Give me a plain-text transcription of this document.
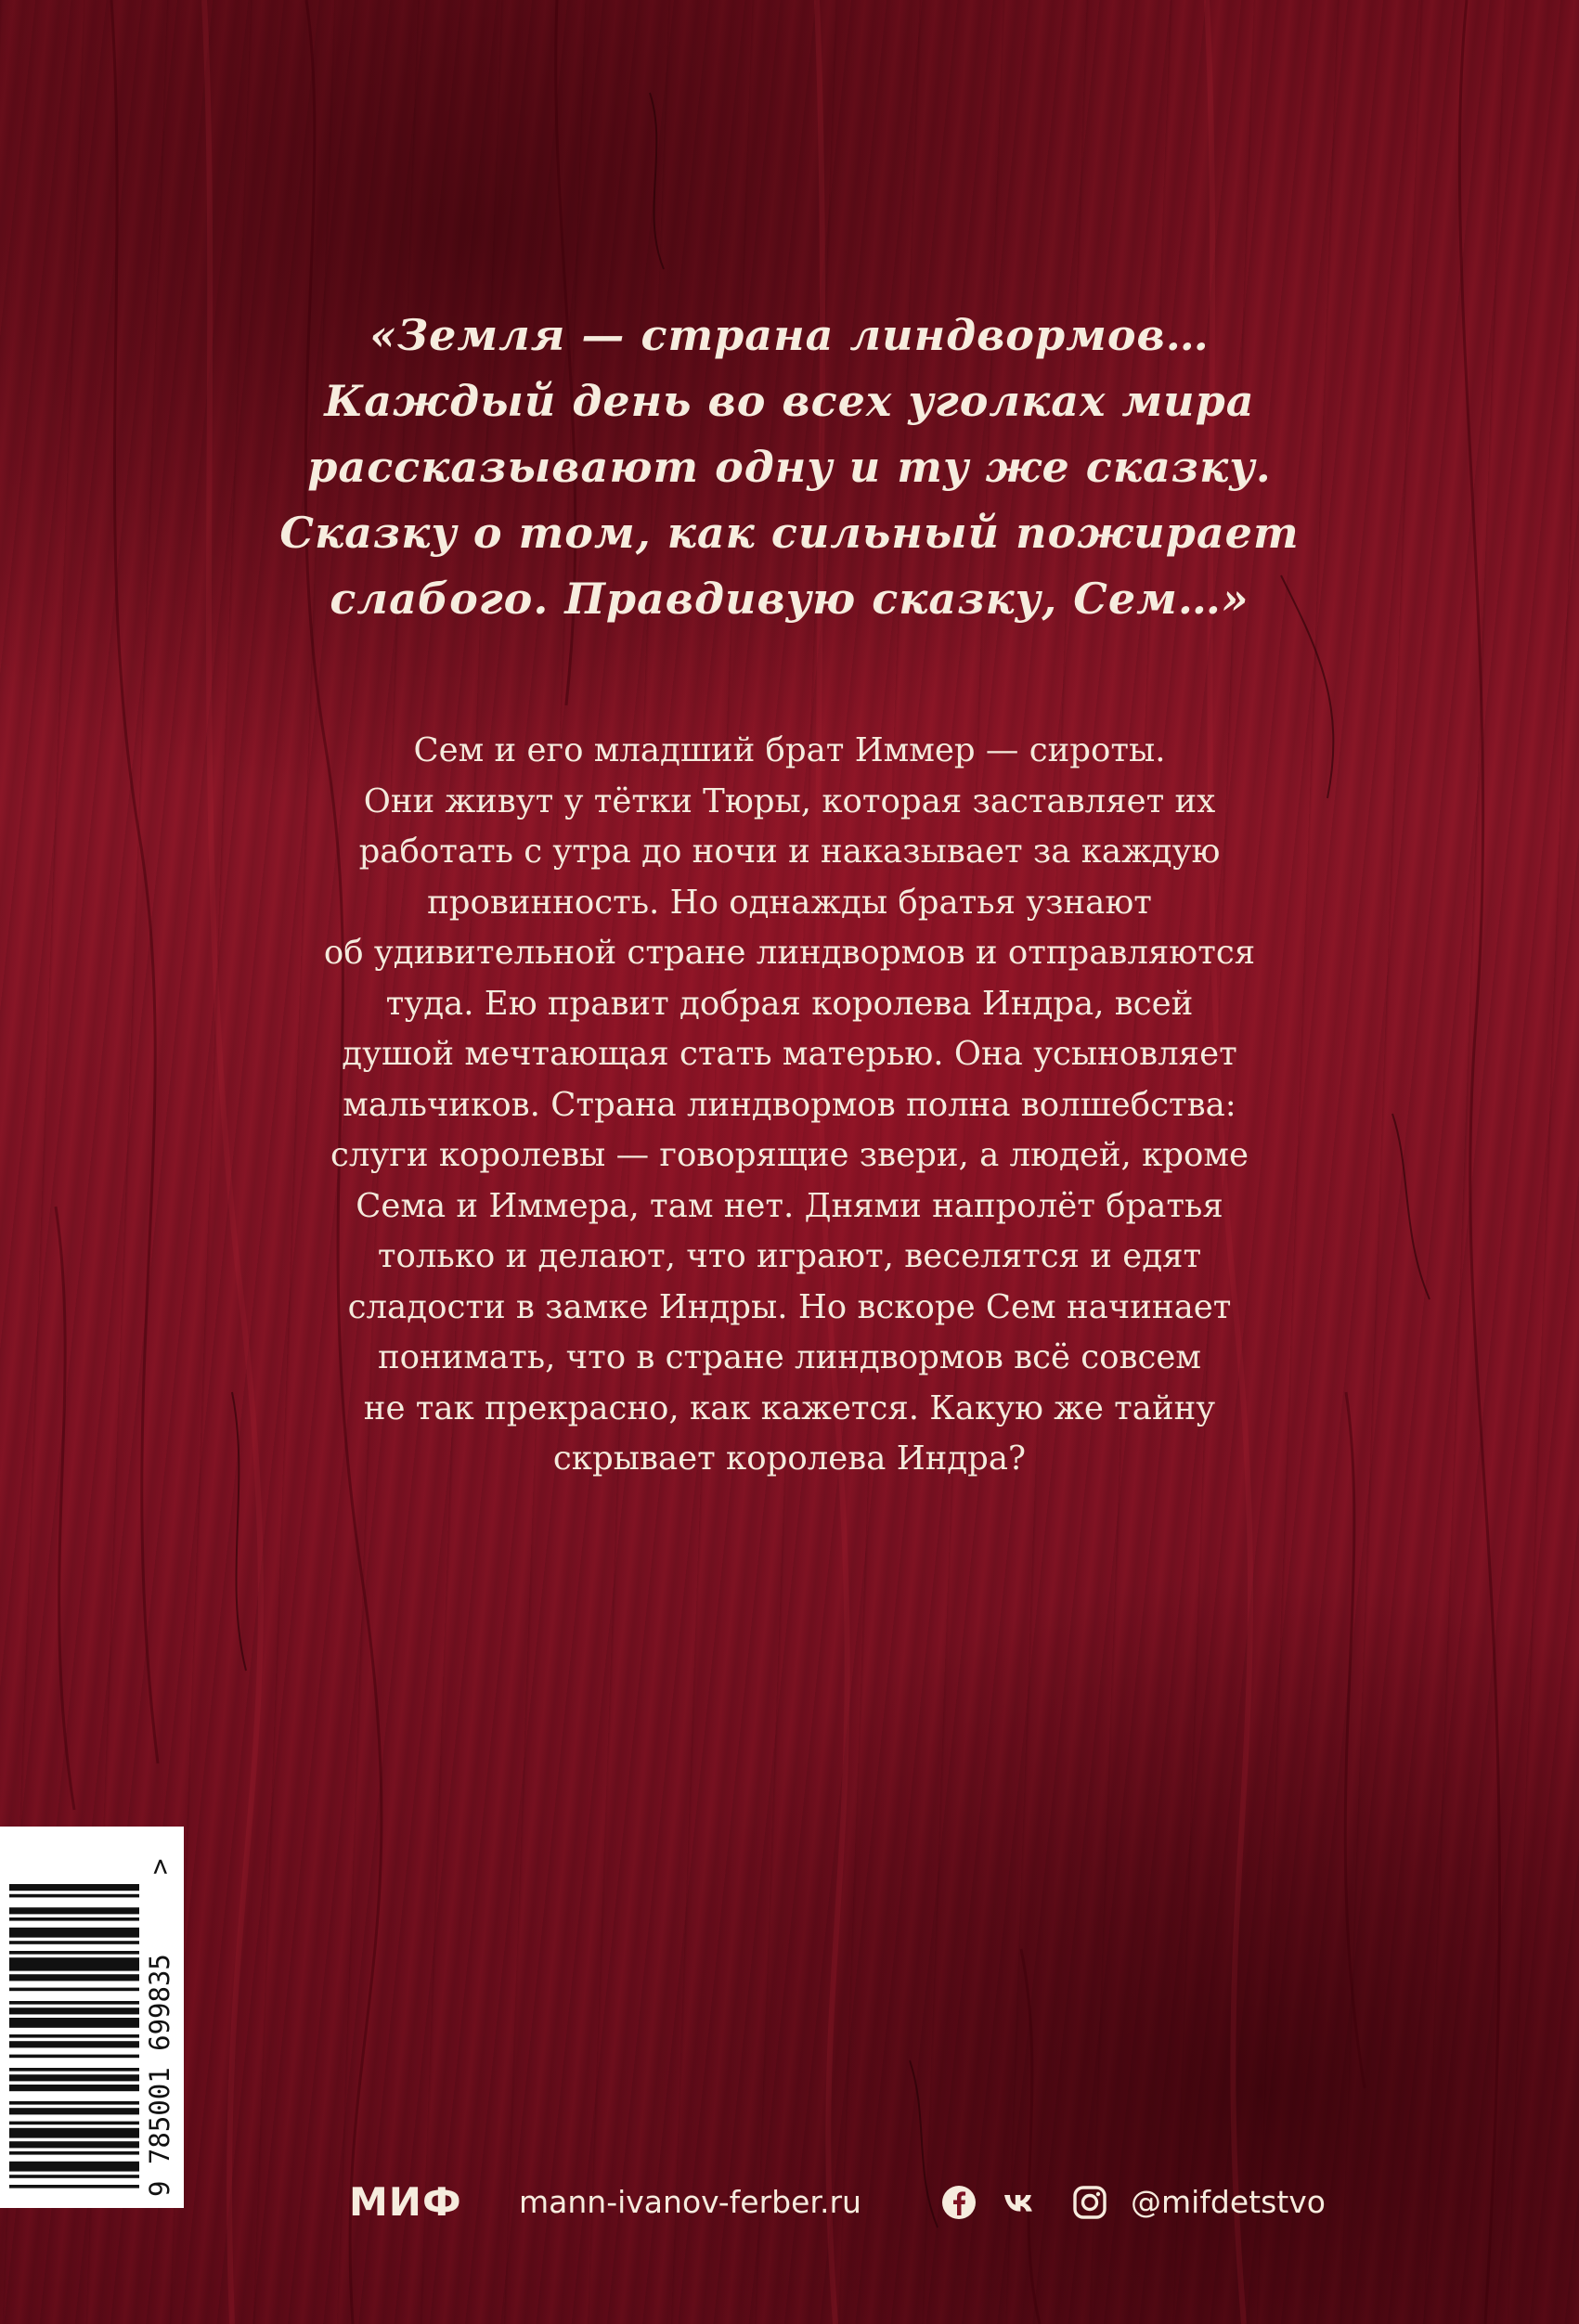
«Земля — страна линдвормов…
Каждый день во всех уголках мира
рассказывают одну и ту же сказку.
Сказку о том, как сильный пожирает
слабого. Правдивую сказку, Сем…»
Сем и его младший брат Иммер — сироты.
Они живут у тётки Тюры, которая заставляет их
работать с утра до ночи и наказывает за каждую
провинность. Но однажды братья узнают
об удивительной стране линдвормов и отправляются
туда. Ею правит добрая королева Индра, всей
душой мечтающая стать матерью. Она усыновляет
мальчиков. Страна линдвормов полна волшебства:
слуги королевы — говорящие звери, а людей, кроме
Сема и Иммера, там нет. Днями напролёт братья
только и делают, что играют, веселятся и едят
сладости в замке Индры. Но вскоре Сем начинает
понимать, что в стране линдвормов всё совсем
не так прекрасно, как кажется. Какую же тайну
скрывает королева Индра?
9 785001 699835
>
МИФ mann-ivanov-ferber.ru	@mifdetstvo
